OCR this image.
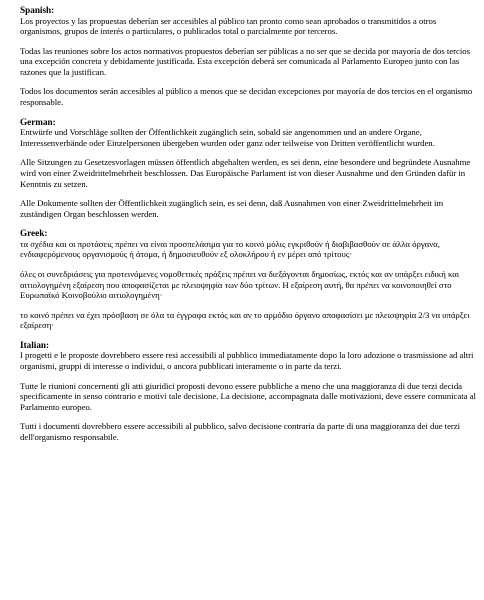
Spanish:

Los proyectos y las propuestas deberían ser accesibles al público tan pronto como sean aprobados o transmitidos a otros organismos, grupos de interés o particulares, o publicados total o parcialmente por terceros.

Todas las reuniones sobre los actos normativos propuestos deberían ser públicas a no ser que se decida por mayoría de dos tercios una excepción concreta y debidamente justificada. Esta excepción deberá ser comunicada al Parlamento Europeo junto con las razones que la justifican.

Todos los documentos serán accesibles al público a menos que se decidan excepciones por mayoría de dos tercios en el organismo responsable.

German:

Entwürfe und Vorschläge sollten der Öffentlichkeit zugänglich sein, sobald sie angenommen und an andere Organe, Interessenverbände oder Einzelpersonen übergeben wurden oder ganz oder teilweise von Dritten veröffentlicht wurden.

Alle Sitzungen zu Gesetzesvorlagen müssen öffentlich abgehalten werden, es sei denn, eine besondere und begründete Ausnahme wird von einer Zweidrittelmehrheit beschlossen. Das Europäische Parlament ist von dieser Ausnahme und den Gründen dafür in Kenntnis zu setzen.

Alle Dokumente sollten der Öffentlichkeit zugänglich sein, es sei denn, daß Ausnahmen von einer Zweidrittelmehrheit im zuständigen Organ beschlossen werden.

Greek:

τα σχέδια και οι προτάσεις πρέπει να είναι προσπελάσιμα για το κοινό μόλις εγκριθούν ή διαβιβασθούν σε άλλα όργανα, ενδιαφερόμενους οργανισμούς ή άτομα, ή δημοσιευθούν εξ ολοκλήρου ή εν μέρει από τρίτους·

όλες οι συνεδριάσεις για προτεινόμενες νομοθετικές πράξεις πρέπει να διεξάγονται δημοσίως, εκτός και αν υπάρξει ειδική και αιτιολογημένη εξαίρεση που αποφασίζεται με πλειοψηφία των δύο τρίτων. Η εξαίρεση αυτή, θα πρέπει να κοινοποιηθεί στο Ευρωπαϊκό Κοινοβούλιο αιτιολογημένη·

το κοινό πρέπει να έχει πρόσβαση σε όλα τα έγγραφα εκτός και αν το αρμόδιο όργανο αποφασίσει με πλειοψηφία 2/3 να υπάρξει εξαίρεση·

Italian:

I progetti e le proposte dovrebbero essere resi accessibili al pubblico immediatamente dopo la loro adozione o trasmissione ad altri organismi, gruppi di interesse o individui, o ancora pubblicati interamente o in parte da terzi.

Tutte le riunioni concernenti gli atti giuridici proposti devono essere pubbliche a meno che una maggioranza di due terzi decida specificamente in senso contrario e motivi tale decisione. La decisione, accompagnata dalle motivazioni, deve essere comunicata al Parlamento europeo.

Tutti i documenti dovrebbero essere accessibili al pubblico, salvo decisione contraria da parte di una maggioranza dei due terzi dell'organismo responsabile.
